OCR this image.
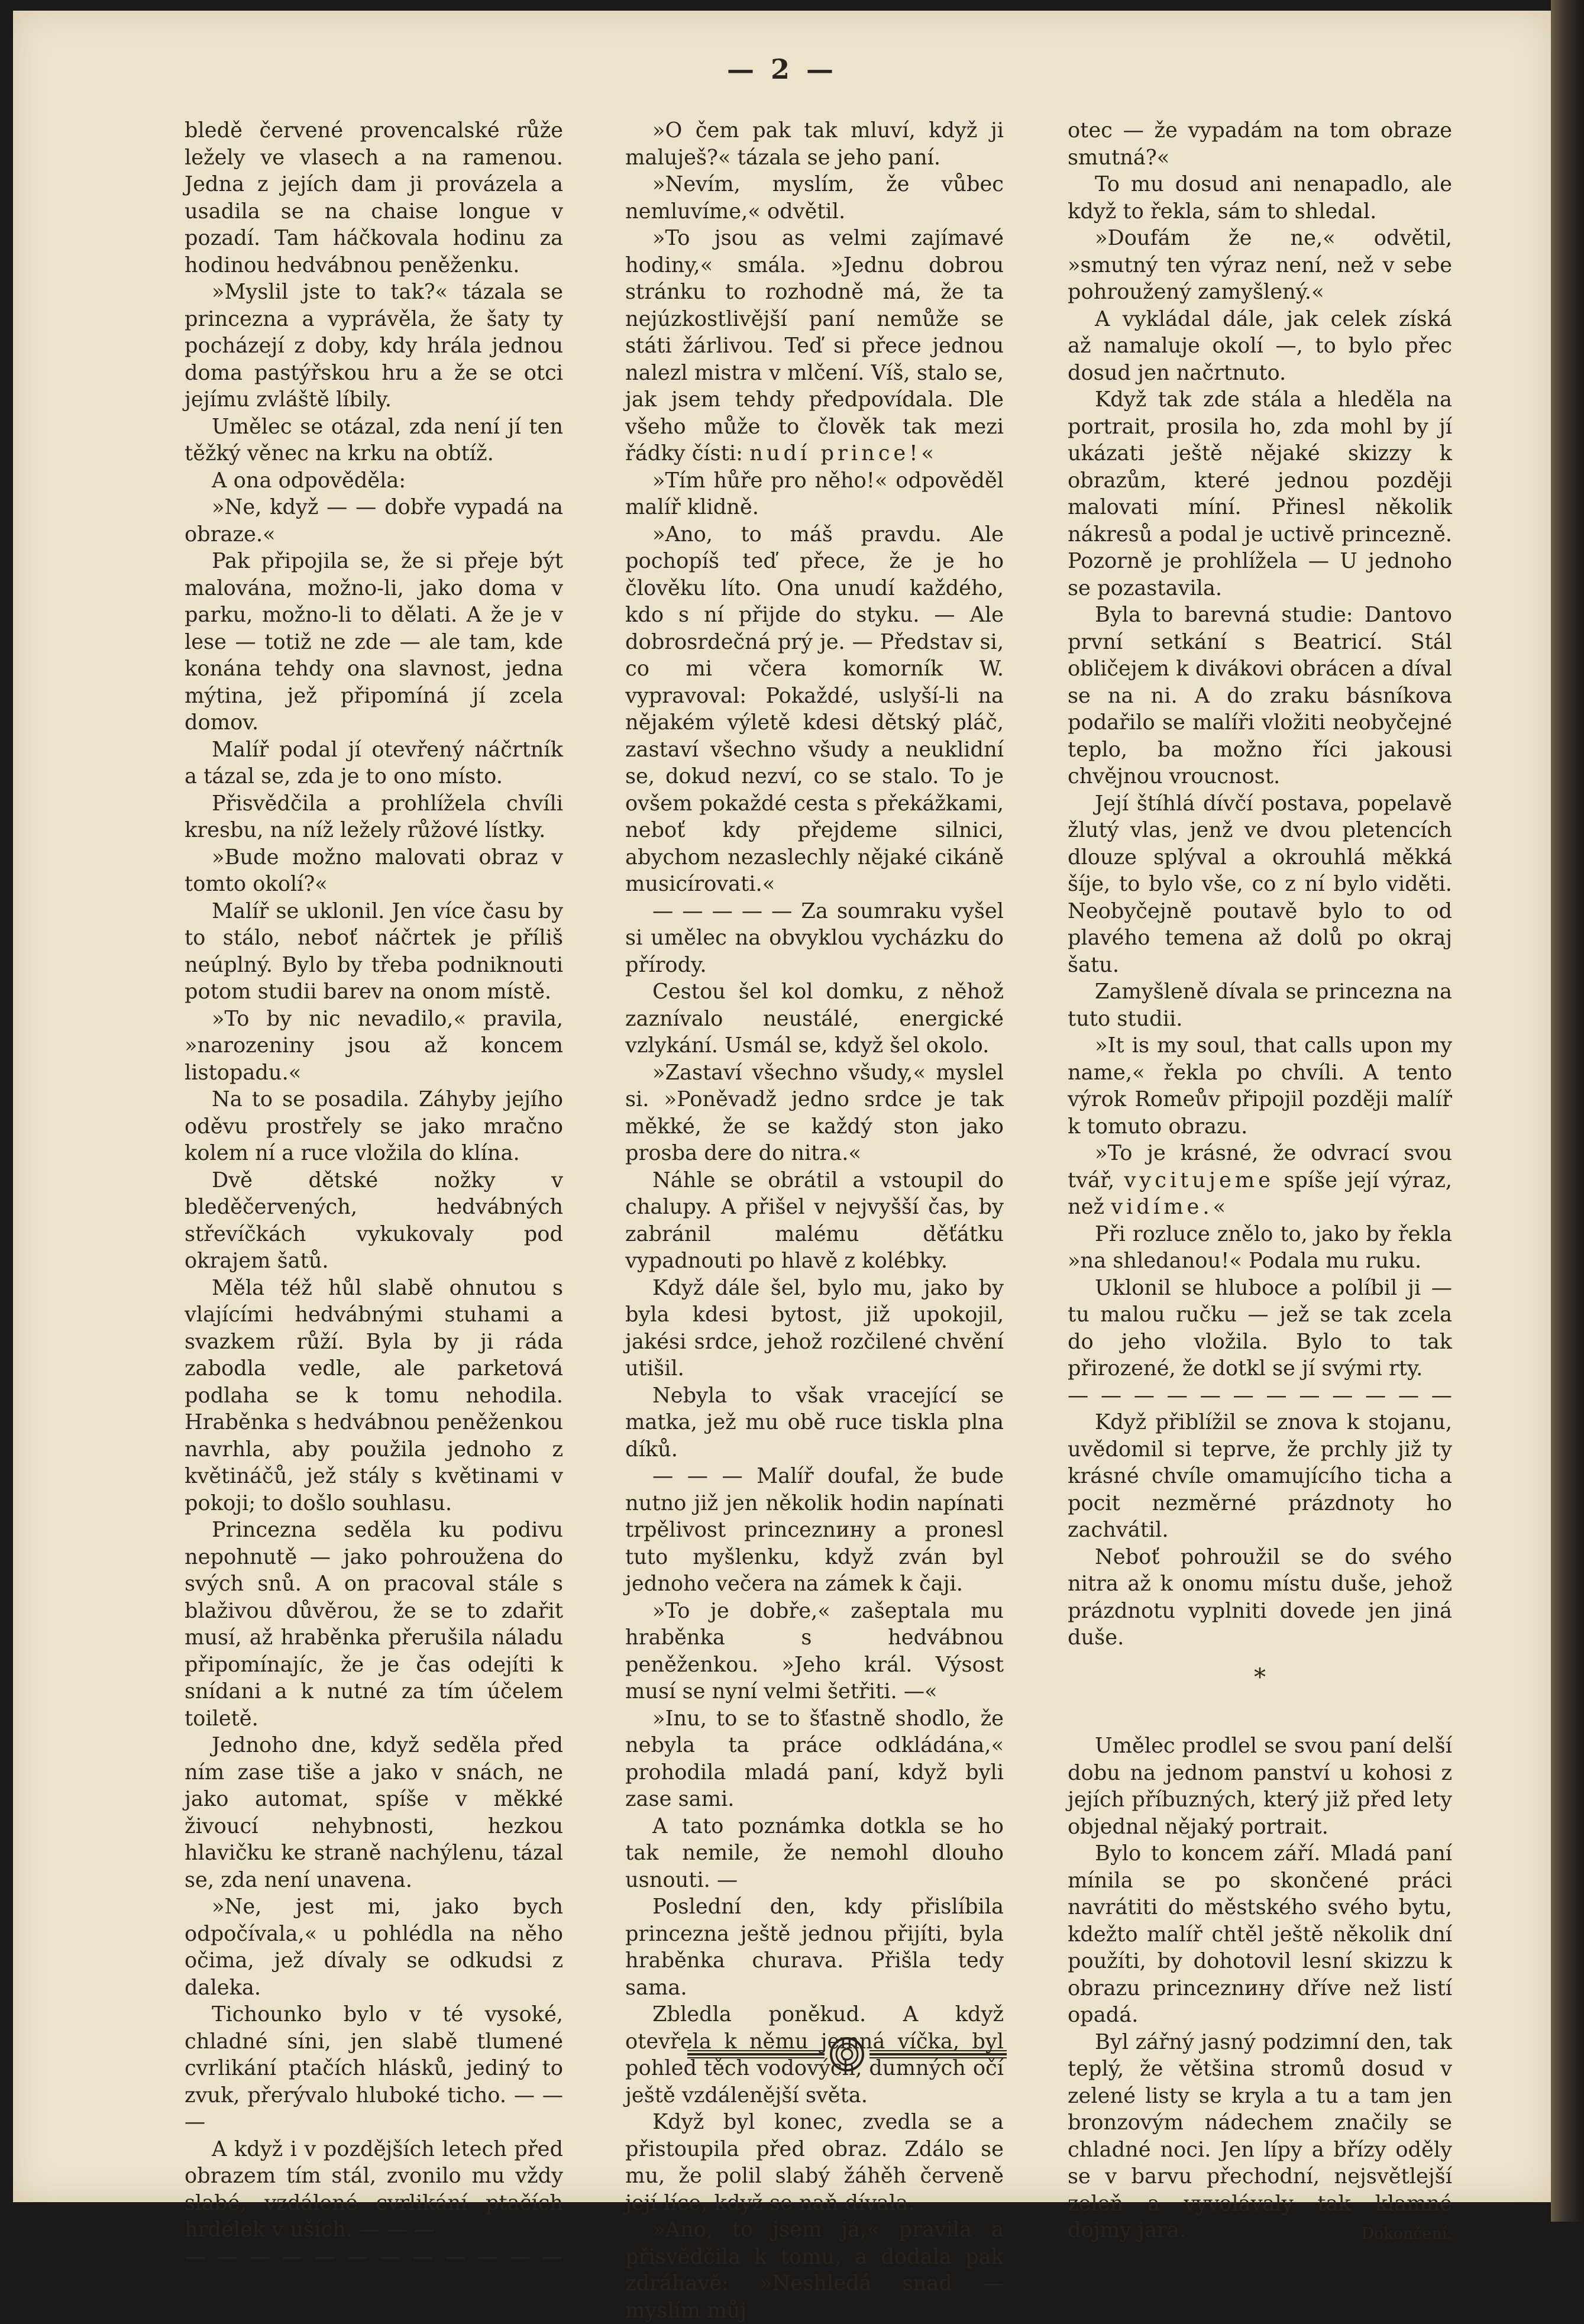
— 2 —

bledě červené provencalské růže ležely ve vlasech a na ramenou. Jedna z jejích dam ji provázela a usadila se na chaise longue v pozadí. Tam háčkovala hodinu za hodinou hedvábnou peněženku.

»Myslil jste to tak?« tázala se princezna a vyprávěla, že šaty ty pocházejí z doby, kdy hrála jednou doma pastýřskou hru a že se otci jejímu zvláště líbily.

Umělec se otázal, zda není jí ten těžký věnec na krku na obtíž.

A ona odpověděla:

»Ne, když — — dobře vypadá na obraze.«

Pak připojila se, že si přeje být malována, možno-li, jako doma v parku, možno-li to dělati. A že je v lese — totiž ne zde — ale tam, kde konána tehdy ona slavnost, jedna mýtina, jež připomíná jí zcela domov.

Malíř podal jí otevřený náčrtník a tázal se, zda je to ono místo.

Přisvědčila a prohlížela chvíli kresbu, na níž ležely růžové lístky.

»Bude možno malovati obraz v tomto okolí?«

Malíř se uklonil. Jen více času by to stálo, neboť náčrtek je příliš neúplný. Bylo by třeba podniknouti potom studii barev na onom místě.

»To by nic nevadilo,« pravila, »narozeniny jsou až koncem listopadu.«

Na to se posadila. Záhyby jejího oděvu prostřely se jako mračno kolem ní a ruce vložila do klína.

Dvě dětské nožky v bleděčervených, hedvábných střevíčkách vykukovaly pod okrajem šatů.

Měla též hůl slabě ohnutou s vlajícími hedvábnými stuhami a svazkem růží. Byla by ji ráda zabodla vedle, ale parketová podlaha se k tomu nehodila. Hraběnka s hedvábnou peněženkou navrhla, aby použila jednoho z květináčů, jež stály s květinami v pokoji; to došlo souhlasu.

Princezna seděla ku podivu nepohnutě — jako pohroužena do svých snů. A on pracoval stále s blaživou důvěrou, že se to zdařit musí, až hraběnka přerušila náladu připomínajíc, že je čas odejíti k snídani a k nutné za tím účelem toiletě.

Jednoho dne, když seděla před ním zase tiše a jako v snách, ne jako automat, spíše v měkké živoucí nehybnosti, hezkou hlavičku ke straně nachýlenu, tázal se, zda není unavena.

»Ne, jest mi, jako bych odpočívala,« u pohlédla na něho očima, jež dívaly se odkudsi z daleka.

Tichounko bylo v té vysoké, chladné síni, jen slabě tlumené cvrlikání ptačích hlásků, jediný to zvuk, přerývalo hluboké ticho. — — —

A když i v pozdějších letech před obrazem tím stál, zvonilo mu vždy slabé, vzdálené cvrlikání ptačích hrdélek v uších. — — —

— — — — — — — — — — — —

»O čem pak tak mluví, když ji maluješ?« tázala se jeho paní.

»Nevím, myslím, že vůbec nemluvíme,« odvětil.

»To jsou as velmi zajímavé hodiny,« smála. »Jednu dobrou stránku to rozhodně má, že ta nejúzkostlivější paní nemůže se státi žárlivou. Teď si přece jednou nalezl mistra v mlčení. Víš, stalo se, jak jsem tehdy předpovídala. Dle všeho může to člověk tak mezi řádky čísti: nudí prince!«

»Tím hůře pro něho!« odpověděl malíř klidně.

»Ano, to máš pravdu. Ale pochopíš teď přece, že je ho člověku líto. Ona unudí každého, kdo s ní přijde do styku. — Ale dobrosrdečná prý je. — Představ si, co mi včera komorník W. vypravoval: Pokaždé, uslyší-li na nějakém výletě kdesi dětský pláč, zastaví všechno všudy a neuklidní se, dokud nezví, co se stalo. To je ovšem pokaždé cesta s překážkami, neboť kdy přejdeme silnici, abychom nezaslechly nějaké cikáně musicírovati.«

— — — — — Za soumraku vyšel si umělec na obvyklou vycházku do přírody.

Cestou šel kol domku, z něhož zaznívalo neustálé, energické vzlykání. Usmál se, když šel okolo.

»Zastaví všechno všudy,« myslel si. »Poněvadž jedno srdce je tak měkké, že se každý ston jako prosba dere do nitra.«

Náhle se obrátil a vstoupil do chalupy. A přišel v nejvyšší čas, by zabránil malému děťátku vypadnouti po hlavě z kolébky.

Když dále šel, bylo mu, jako by byla kdesi bytost, již upokojil, jakési srdce, jehož rozčilené chvění utišil.

Nebyla to však vracející se matka, jež mu obě ruce tiskla plna díků.

— — — Malíř doufal, že bude nutno již jen několik hodin napínati trpělivost princeznину a pronesl tuto myšlenku, když zván byl jednoho večera na zámek k čaji.

»To je dobře,« zašeptala mu hraběnka s hedvábnou peněženkou. »Jeho král. Výsost musí se nyní velmi šetřiti. —«

»Inu, to se to šťastně shodlo, že nebyla ta práce odkládána,« prohodila mladá paní, když byli zase sami.

A tato poznámka dotkla se ho tak nemile, že nemohl dlouho usnouti. —

Poslední den, kdy přislíbila princezna ještě jednou přijíti, byla hraběnka churava. Přišla tedy sama.

Zbledla poněkud. A když otevřela k němu jemná víčka, byl pohled těch vodových, dumných očí ještě vzdálenější světa.

Když byl konec, zvedla se a přistoupila před obraz. Zdálo se mu, že polil slabý žáhěh červeně její líce, když se naň dívala.

»Ano, to jsem já,« pravila a přisvědčila k tomu, a dodala pak zdráhavě: »Neshledá snad — myslím můj

otec — že vypadám na tom obraze smutná?«

To mu dosud ani nenapadlo, ale když to řekla, sám to shledal.

»Doufám že ne,« odvětil, »smutný ten výraz není, než v sebe pohroužený zamyšlený.«

A vykládal dále, jak celek získá až namaluje okolí —, to bylo přec dosud jen načrtnuto.

Když tak zde stála a hleděla na portrait, prosila ho, zda mohl by jí ukázati ještě nějaké skizzy k obrazům, které jednou později malovati míní. Přinesl několik nákresů a podal je uctivě princezně. Pozorně je prohlížela — U jednoho se pozastavila.

Byla to barevná studie: Dantovo první setkání s Beatricí. Stál obličejem k divákovi obrácen a díval se na ni. A do zraku básníkova podařilo se malíři vložiti neobyčejné teplo, ba možno říci jakousi chvějnou vroucnost.

Její štíhlá dívčí postava, popelavě žlutý vlas, jenž ve dvou pletencích dlouze splýval a okrouhlá měkká šíje, to bylo vše, co z ní bylo viděti. Neobyčejně poutavě bylo to od plavého temena až dolů po okraj šatu.

Zamyšleně dívala se princezna na tuto studii.

»It is my soul, that calls upon my name,« řekla po chvíli. A tento výrok Romeův připojil později malíř k tomuto obrazu.

»To je krásné, že odvrací svou tvář, vycitujeme spíše její výraz, než vidíme.«

Při rozluce znělo to, jako by řekla »na shledanou!« Podala mu ruku.

Uklonil se hluboce a políbil ji — tu malou ručku — jež se tak zcela do jeho vložila. Bylo to tak přirozené, že dotkl se jí svými rty.

— — — — — — — — — — — —

Když přiblížil se znova k stojanu, uvědomil si teprve, že prchly již ty krásné chvíle omamujícího ticha a pocit nezměrné prázdnoty ho zachvátil.

Neboť pohroužil se do svého nitra až k onomu místu duše, jehož prázdnotu vyplniti dovede jen jiná duše.

*

Umělec prodlel se svou paní delší dobu na jednom panství u kohosi z jejích příbuzných, který již před lety objednal nějaký portrait.

Bylo to koncem září. Mladá paní mínila se po skončené práci navrátiti do městského svého bytu, kdežto malíř chtěl ještě několik dní použíti, by dohotovil lesní skizzu k obrazu princeznину dříve než listí opadá.

Byl zářný jasný podzimní den, tak teplý, že většina stromů dosud v zelené listy se kryla a tu a tam jen bronzovým nádechem značily se chladné noci. Jen lípy a břízy oděly se v barvu přechodní, nejsvětlejší zeleň a vyvolávaly tak klamné dojmy jara.	Dokončení.
